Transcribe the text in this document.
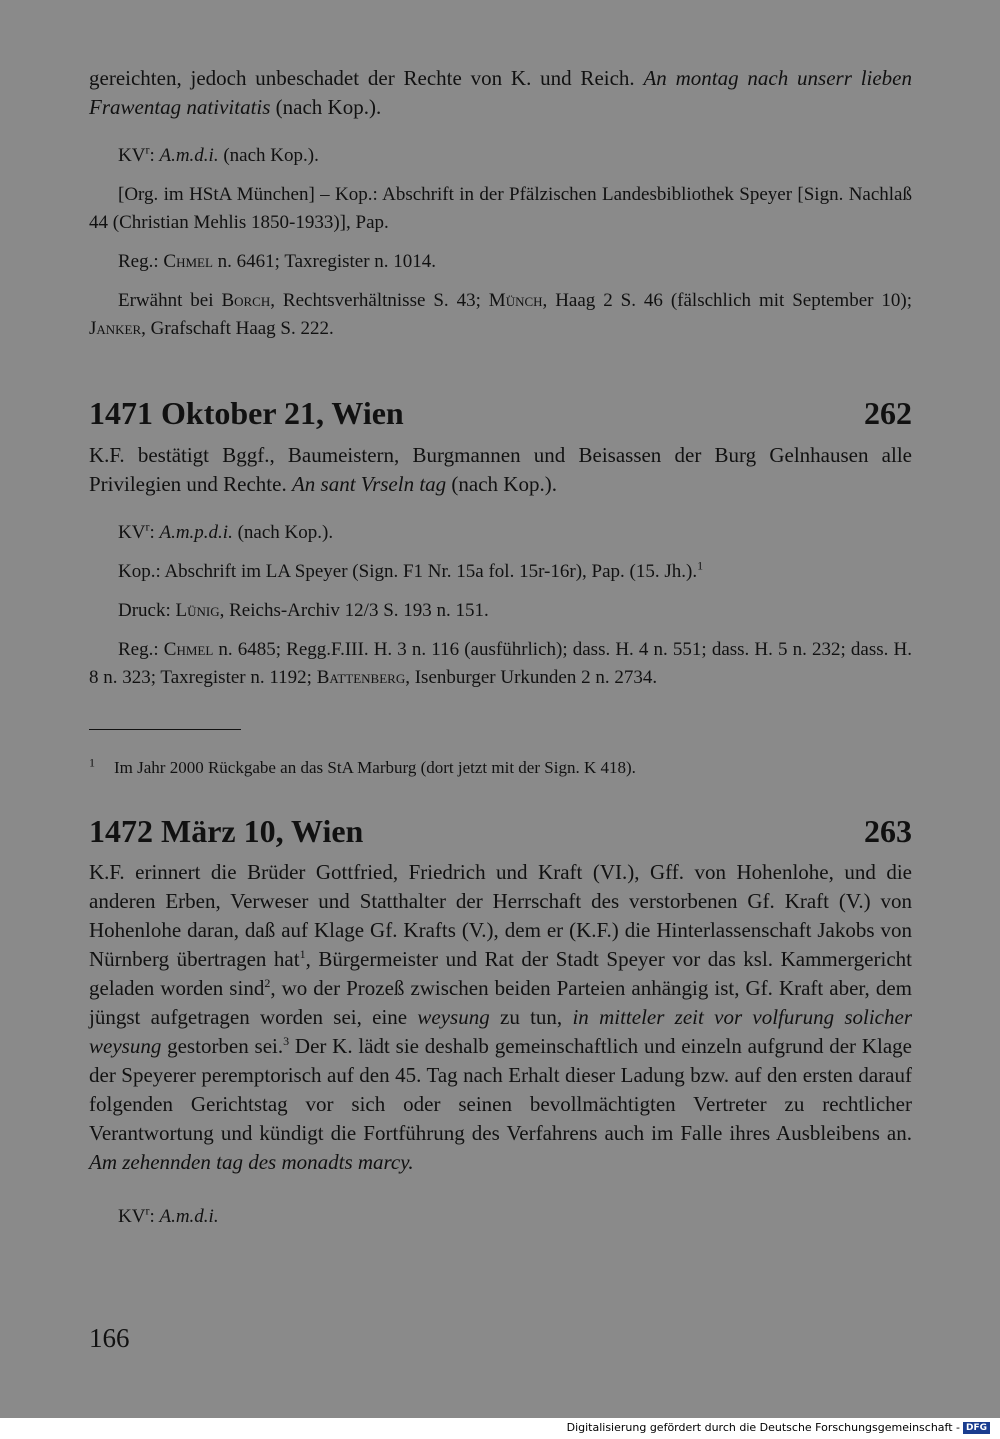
gereichten, jedoch unbeschadet der Rechte von K. und Reich. An montag nach unserr lieben Frawentag nativitatis (nach Kop.).

$KV^r$: A.m.d.i. (nach Kop.).

[Org. im HStA München] – Kop.: Abschrift in der Pfälzischen Landesbibliothek Speyer [Sign. Nachlaß 44 (Christian Mehlis 1850-1933)], Pap.

Reg.: Chmel n. 6461; Taxregister n. 1014.

Erwähnt bei Borch, Rechtsverhältnisse S. 43; Münch, Haag 2 S. 46 (fälschlich mit September 10); Janker, Grafschaft Haag S. 222.

1471 Oktober 21, Wien	262

K.F. bestätigt Bggf., Baumeistern, Burgmannen und Beisassen der Burg Gelnhausen alle Privilegien und Rechte. An sant Vrseln tag (nach Kop.).

$KV^r$: A.m.p.d.i. (nach Kop.).

Kop.: Abschrift im LA Speyer (Sign. F1 Nr. 15a fol. 15r-16r), Pap. (15. Jh.).$^1$

Druck: Lünig, Reichs-Archiv 12/3 S. 193 n. 151.

Reg.: Chmel n. 6485; Regg.F.III. H. 3 n. 116 (ausführlich); dass. H. 4 n. 551; dass. H. 5 n. 232; dass. H. 8 n. 323; Taxregister n. 1192; Battenberg, Isenburger Urkunden 2 n. 2734.

$^1$ Im Jahr 2000 Rückgabe an das StA Marburg (dort jetzt mit der Sign. K 418).
1472 März 10, Wien	263

K.F. erinnert die Brüder Gottfried, Friedrich und Kraft (VI.), Gff. von Hohenlohe, und die anderen Erben, Verweser und Statthalter der Herrschaft des verstorbenen Gf. Kraft (V.) von Hohenlohe daran, daß auf Klage Gf. Krafts (V.), dem er (K.F.) die Hinterlassenschaft Jakobs von Nürnberg übertragen hat$^1$, Bürgermeister und Rat der Stadt Speyer vor das ksl. Kammergericht geladen worden sind$^2$, wo der Prozeß zwischen beiden Parteien anhängig ist, Gf. Kraft aber, dem jüngst aufgetragen worden sei, eine weysung zu tun, in mitteler zeit vor volfurung solicher weysung gestorben sei.$^3$ Der K. lädt sie deshalb gemeinschaftlich und einzeln aufgrund der Klage der Speyerer peremptorisch auf den 45. Tag nach Erhalt dieser Ladung bzw. auf den ersten darauf folgenden Gerichtstag vor sich oder seinen bevollmächtigten Vertreter zu rechtlicher Verantwortung und kündigt die Fortführung des Verfahrens auch im Falle ihres Ausbleibens an. Am zehennden tag des monadts marcy.

$KV^r$: A.m.d.i.

166
Digitalisierung gefördert durch die Deutsche Forschungsgemeinschaft - DFG
